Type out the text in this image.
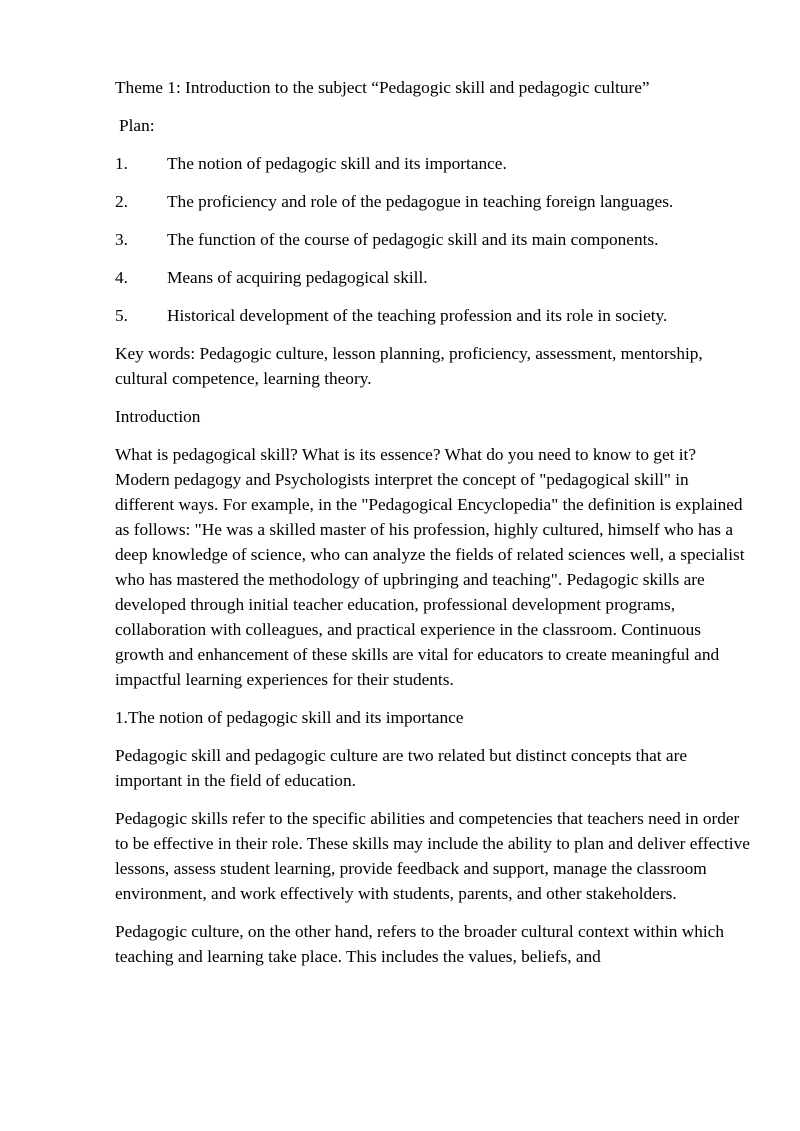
Theme 1: Introduction to the subject “Pedagogic skill and pedagogic culture”

Plan:

1.	The notion of pedagogic skill and its importance.
2.	The proficiency and role of the pedagogue in teaching foreign languages.
3.	The function of the course of pedagogic skill and its main components.
4.	Means of acquiring pedagogical skill.
5.	Historical development of the teaching profession and its role in society.

Key words: Pedagogic culture, lesson planning, proficiency, assessment, mentorship, cultural competence, learning theory.

Introduction

What is pedagogical skill? What is its essence? What do you need to know to get it? Modern pedagogy and Psychologists interpret the concept of "pedagogical skill" in different ways. For example, in the "Pedagogical Encyclopedia" the definition is explained as follows: "He was a skilled master of his profession, highly cultured, himself who has a deep knowledge of science, who can analyze the fields of related sciences well, a specialist who has mastered the methodology of upbringing and teaching". Pedagogic skills are developed through initial teacher education, professional development programs, collaboration with colleagues, and practical experience in the classroom. Continuous growth and enhancement of these skills are vital for educators to create meaningful and impactful learning experiences for their students.

1.The notion of pedagogic skill and its importance

Pedagogic skill and pedagogic culture are two related but distinct concepts that are important in the field of education.

Pedagogic skills refer to the specific abilities and competencies that teachers need in order to be effective in their role. These skills may include the ability to plan and deliver effective lessons, assess student learning, provide feedback and support, manage the classroom environment, and work effectively with students, parents, and other stakeholders.

Pedagogic culture, on the other hand, refers to the broader cultural context within which teaching and learning take place. This includes the values, beliefs, and
